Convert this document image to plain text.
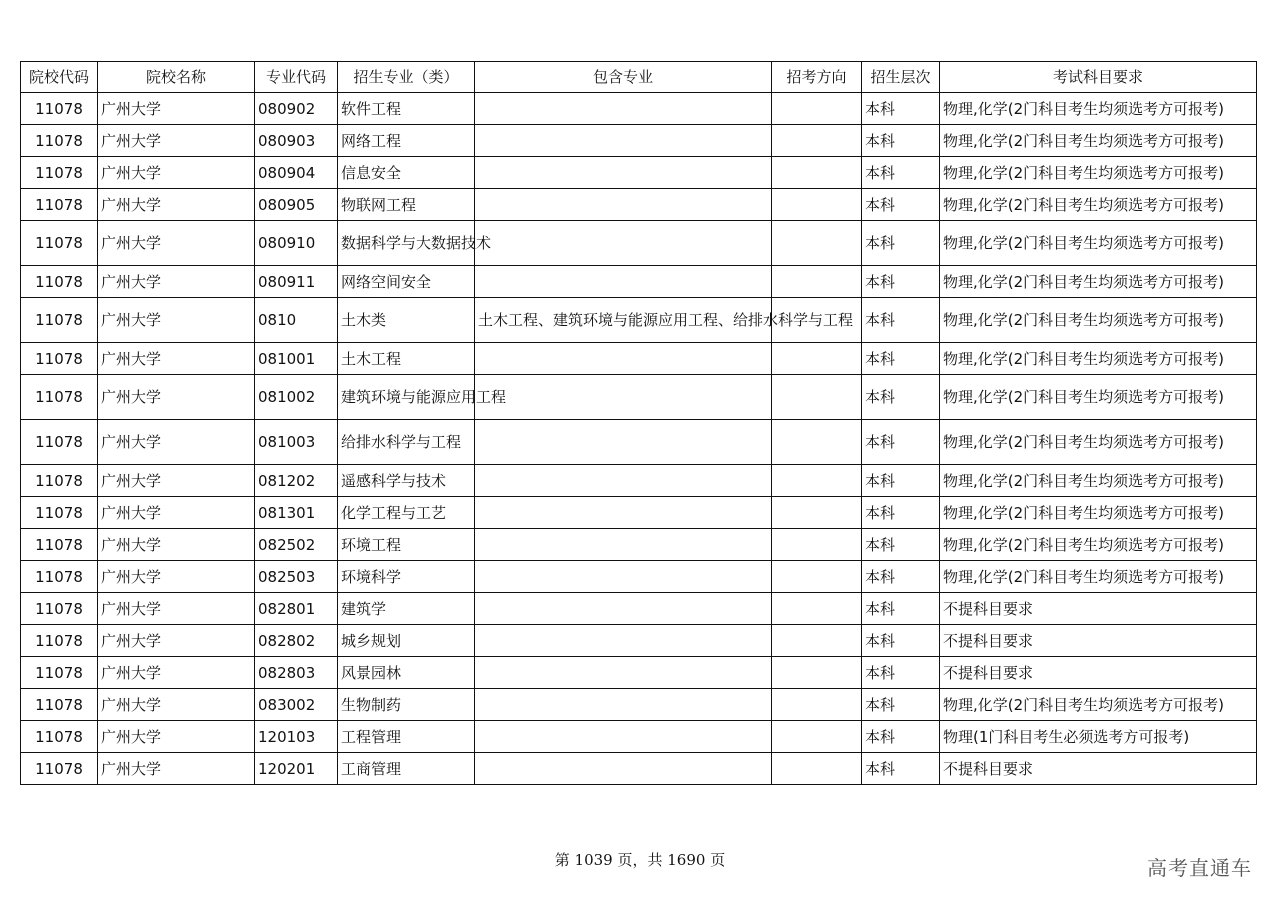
院校代码	院校名称	专业代码	招生专业（类）	包含专业	招考方向	招生层次	考试科目要求
11078	广州大学	080902	软件工程			本科	物理,化学(2门科目考生均须选考方可报考)
11078	广州大学	080903	网络工程			本科	物理,化学(2门科目考生均须选考方可报考)
11078	广州大学	080904	信息安全			本科	物理,化学(2门科目考生均须选考方可报考)
11078	广州大学	080905	物联网工程			本科	物理,化学(2门科目考生均须选考方可报考)
11078	广州大学	080910	数据科学与大数据技术			本科	物理,化学(2门科目考生均须选考方可报考)
11078	广州大学	080911	网络空间安全			本科	物理,化学(2门科目考生均须选考方可报考)
11078	广州大学	0810	土木类	土木工程、建筑环境与能源应用工程、给排水科学与工程		本科	物理,化学(2门科目考生均须选考方可报考)
11078	广州大学	081001	土木工程			本科	物理,化学(2门科目考生均须选考方可报考)
11078	广州大学	081002	建筑环境与能源应用工程			本科	物理,化学(2门科目考生均须选考方可报考)
11078	广州大学	081003	给排水科学与工程			本科	物理,化学(2门科目考生均须选考方可报考)
11078	广州大学	081202	遥感科学与技术			本科	物理,化学(2门科目考生均须选考方可报考)
11078	广州大学	081301	化学工程与工艺			本科	物理,化学(2门科目考生均须选考方可报考)
11078	广州大学	082502	环境工程			本科	物理,化学(2门科目考生均须选考方可报考)
11078	广州大学	082503	环境科学			本科	物理,化学(2门科目考生均须选考方可报考)
11078	广州大学	082801	建筑学			本科	不提科目要求
11078	广州大学	082802	城乡规划			本科	不提科目要求
11078	广州大学	082803	风景园林			本科	不提科目要求
11078	广州大学	083002	生物制药			本科	物理,化学(2门科目考生均须选考方可报考)
11078	广州大学	120103	工程管理			本科	物理(1门科目考生必须选考方可报考)
11078	广州大学	120201	工商管理			本科	不提科目要求
第 1039 页，共 1690 页	高考直通车
